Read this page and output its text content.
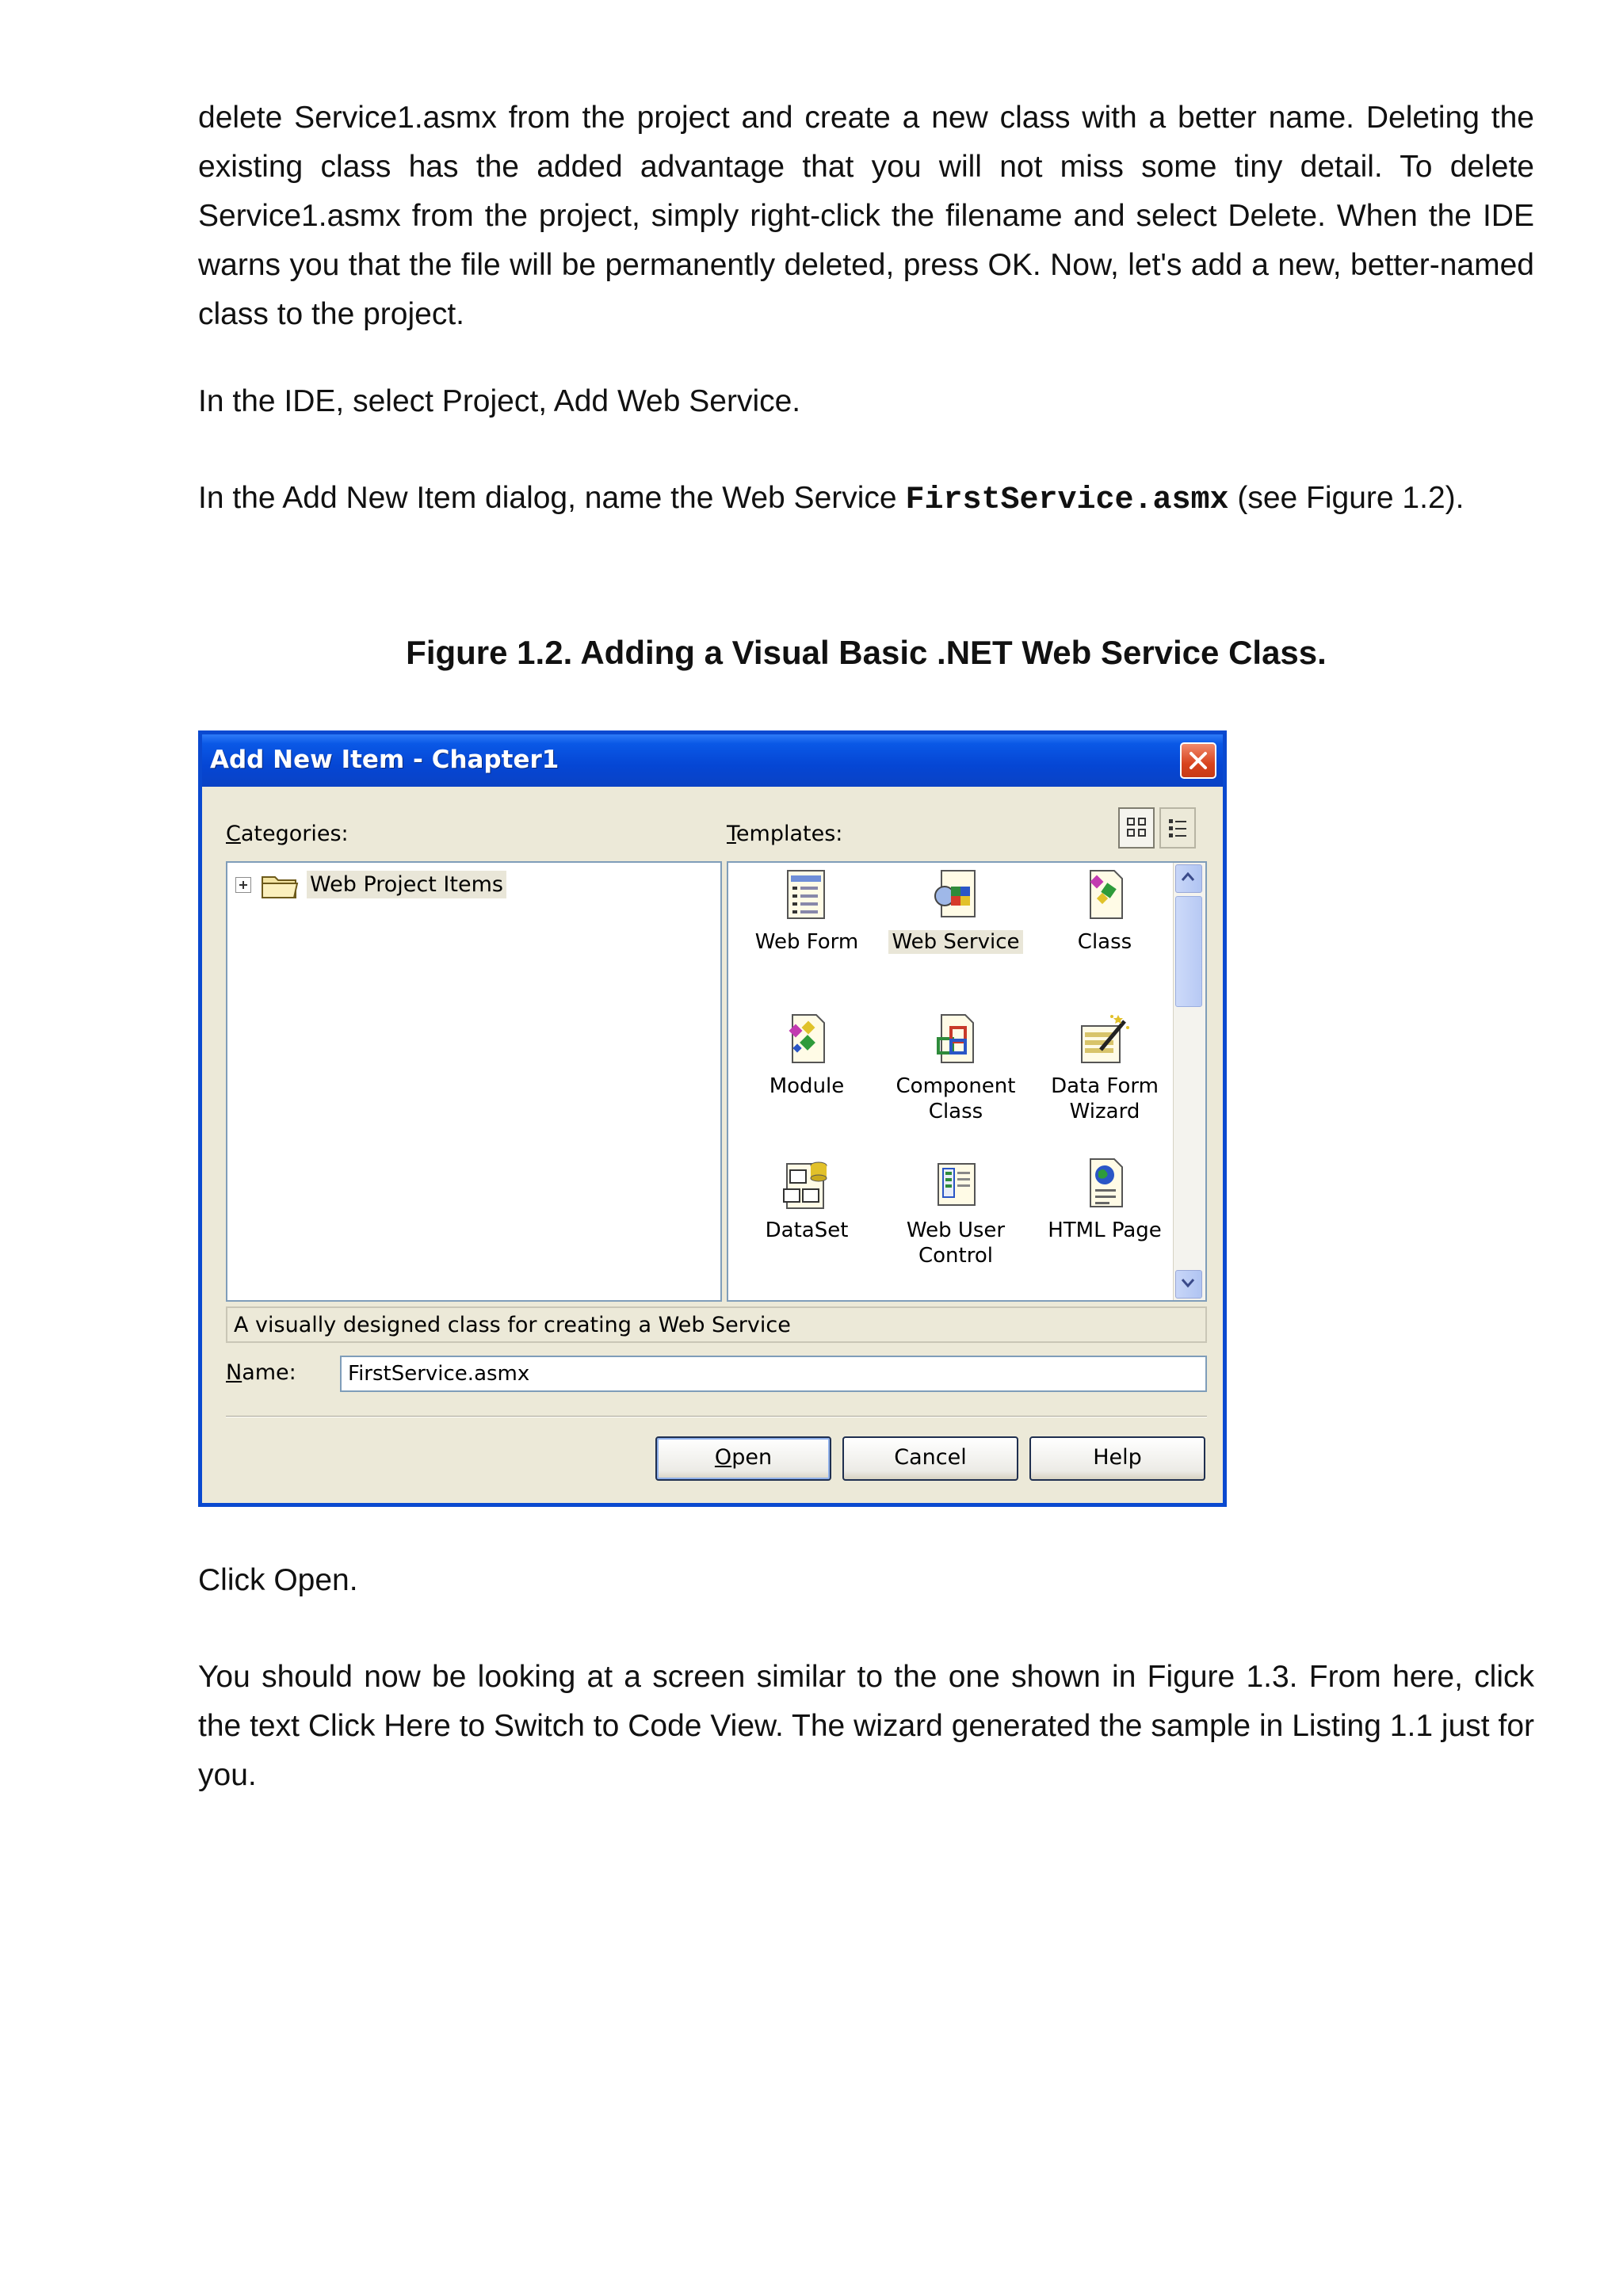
delete Service1.asmx from the project and create a new class with a better name. Deleting the existing class has the added advantage that you will not miss some tiny detail. To delete Service1.asmx from the project, simply right-click the filename and select Delete. When the IDE warns you that the file will be permanently deleted, press OK. Now, let's add a new, better-named class to the project.

In the IDE, select Project, Add Web Service.

In the Add New Item dialog, name the Web Service FirstService.asmx (see Figure 1.2).

Figure 1.2. Adding a Visual Basic .NET Web Service Class.

Add New Item - Chapter1
Categories:	Templates:
Web Project Items
Web Form	Web Service	Class
Module	Component
Class
Data Form
Wizard
DataSet	Web User
Control
HTML Page
A visually designed class for creating a Web Service
Name:	FirstService.asmx
Open	Cancel	Help

Click Open.

You should now be looking at a screen similar to the one shown in Figure 1.3. From here, click the text Click Here to Switch to Code View. The wizard generated the sample in Listing 1.1 just for you.
